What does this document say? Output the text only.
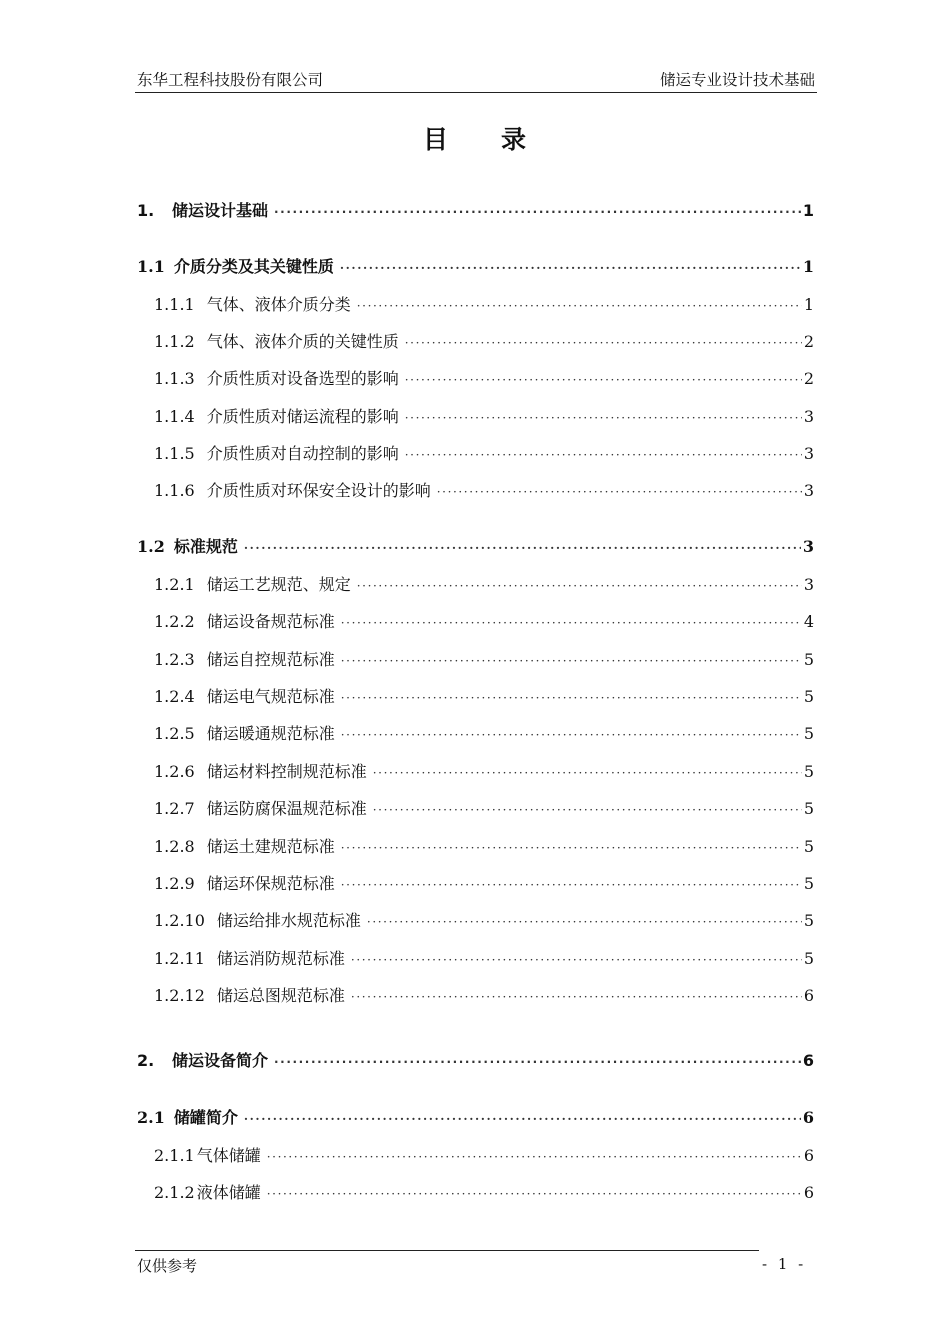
东华工程科技股份有限公司	储运专业设计技术基础
目 录
1.	储运设计基础 ·····	1
1.1 介质分类及其关键性质 ·····	1
1.1.1 气体、液体介质分类 ·····	1
1.1.2 气体、液体介质的关键性质 ·····	2
1.1.3 介质性质对设备选型的影响 ·····	2
1.1.4 介质性质对储运流程的影响 ·····	3
1.1.5 介质性质对自动控制的影响 ·····	3
1.1.6 介质性质对环保安全设计的影响 ·····	3
1.2 标准规范 ·····	3
1.2.1 储运工艺规范、规定 ·····	3
1.2.2 储运设备规范标准 ·····	4
1.2.3 储运自控规范标准 ·····	5
1.2.4 储运电气规范标准 ·····	5
1.2.5 储运暖通规范标准 ·····	5
1.2.6 储运材料控制规范标准 ·····	5
1.2.7 储运防腐保温规范标准 ·····	5
1.2.8 储运土建规范标准 ·····	5
1.2.9 储运环保规范标准 ·····	5
1.2.10 储运给排水规范标准 ·····	5
1.2.11 储运消防规范标准 ·····	5
1.2.12 储运总图规范标准 ·····	6
2.	储运设备简介 ·····	6
2.1 储罐简介 ·····	6
2.1.1 气体储罐 ·····	6
2.1.2 液体储罐 ·····	6
仅供参考	- 1 -
